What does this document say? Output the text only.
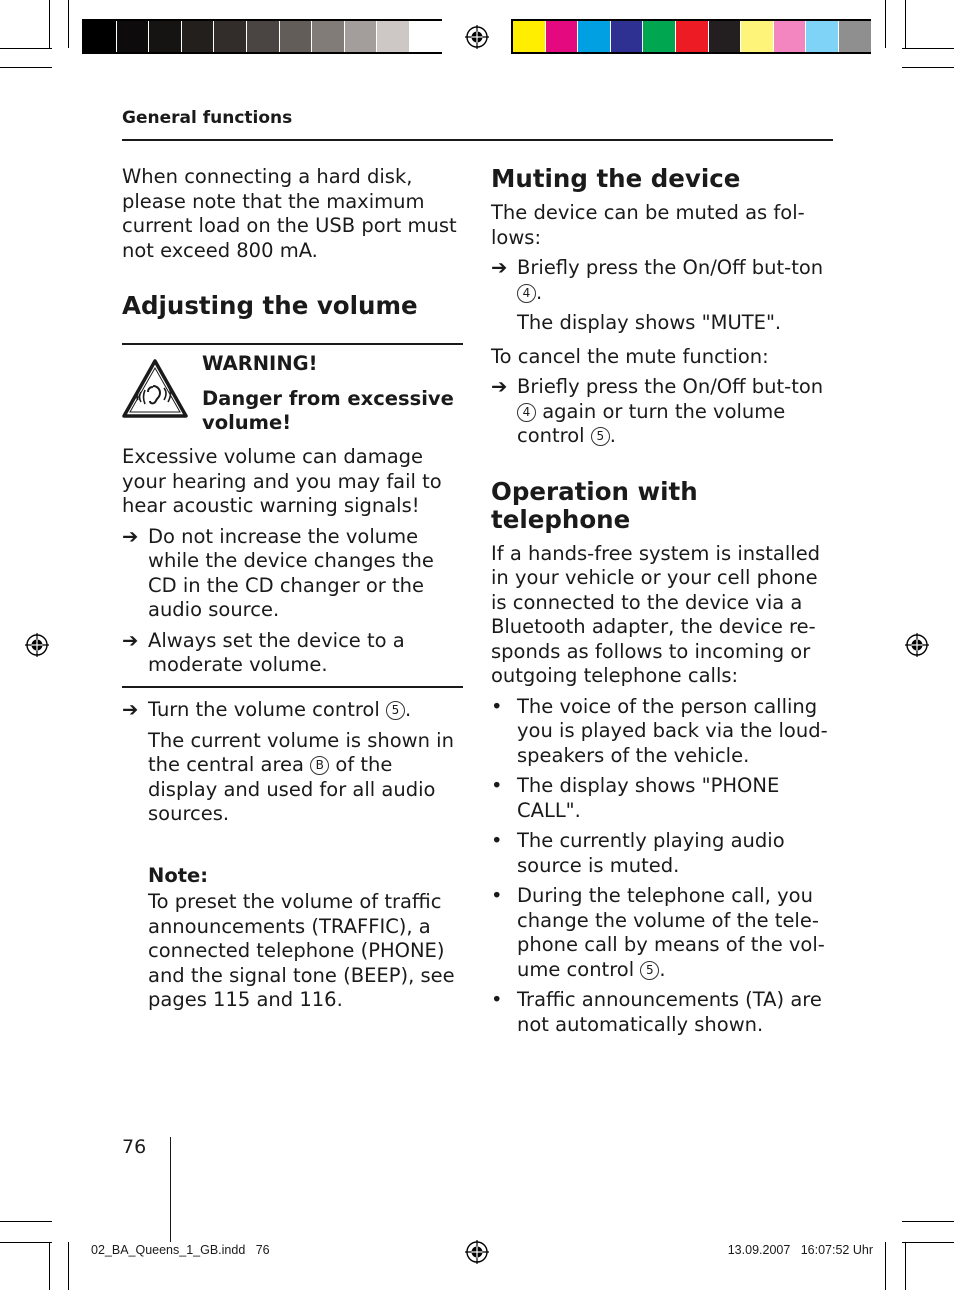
General functions

When connecting a hard disk, please note that the maximum current load on the USB port must not exceed 800 mA.

Adjusting the volume

WARNING!

Danger from excessive volume!

Excessive volume can damage your hearing and you may fail to hear acoustic warning signals!

➔ Do not increase the volume while the device changes the CD in the CD changer or the audio source.
➔ Always set the device to a moderate volume.
➔ Turn the volume control 5 .
The current volume is shown in the central area B of the display and used for all audio sources.

Note:

To preset the volume of traffic announcements (TRAFFIC), a connected telephone (PHONE) and the signal tone (BEEP), see pages 115 and 116.

Muting the device

The device can be muted as fol-lows:

➔ Briefly press the On/Off but-ton 4 .
The display shows "MUTE".

To cancel the mute function:

➔ Briefly press the On/Off but-ton 4 again or turn the volume control 5 .
Operation with telephone

If a hands-free system is installed in your vehicle or your cell phone is connected to the device via a Bluetooth adapter, the device re-sponds as follows to incoming or outgoing telephone calls:

• The voice of the person calling you is played back via the loud-speakers of the vehicle.
• The display shows "PHONE CALL".
• The currently playing audio source is muted.
• During the telephone call, you change the volume of the tele-phone call by means of the vol-ume control 5 .
• Traffic announcements (TA) are not automatically shown.
76
02_BA_Queens_1_GB.indd   76	13.09.2007   16:07:52 Uhr
